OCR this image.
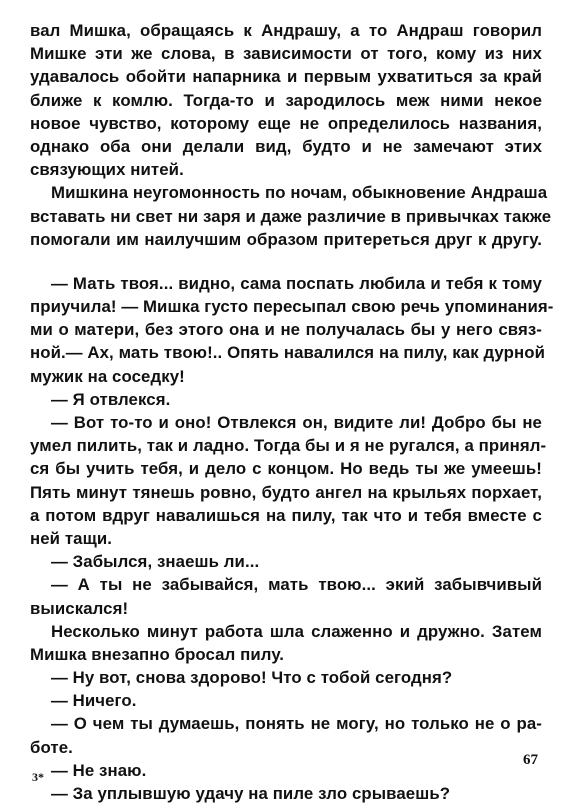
вал Мишка, обращаясь к Андрашу, а то Андраш говорил
Мишке эти же слова, в зависимости от того, кому из них
удавалось обойти напарника и первым ухватиться за край
ближе к комлю. Тогда-то и зародилось меж ними некое
новое чувство, которому еще не определилось названия,
однако оба они делали вид, будто и не замечают этих
связующих нитей.
Мишкина неугомонность по ночам, обыкновение Андраша
вставать ни свет ни заря и даже различие в привычках также
помогали им наилучшим образом притереться друг к другу.
— Мать твоя... видно, сама поспать любила и тебя к тому
приучила! — Мишка густо пересыпал свою речь упоминания-
ми о матери, без этого она и не получалась бы у него связ-
ной.— Ах, мать твою!.. Опять навалился на пилу, как дурной
мужик на соседку!
— Я отвлекся.
— Вот то-то и оно! Отвлекся он, видите ли! Добро бы не
умел пилить, так и ладно. Тогда бы и я не ругался, а принял-
ся бы учить тебя, и дело с концом. Но ведь ты же умеешь!
Пять минут тянешь ровно, будто ангел на крыльях порхает,
а потом вдруг навалишься на пилу, так что и тебя вместе с
ней тащи.
— Забылся, знаешь ли...
— А ты не забывайся, мать твою... экий забывчивый
выискался!
Несколько минут работа шла слаженно и дружно. Затем
Мишка внезапно бросал пилу.
— Ну вот, снова здорово! Что с тобой сегодня?
— Ничего.
— О чем ты думаешь, понять не могу, но только не о ра-
боте.
— Не знаю.
— За уплывшую удачу на пиле зло срываешь?
67
3*
